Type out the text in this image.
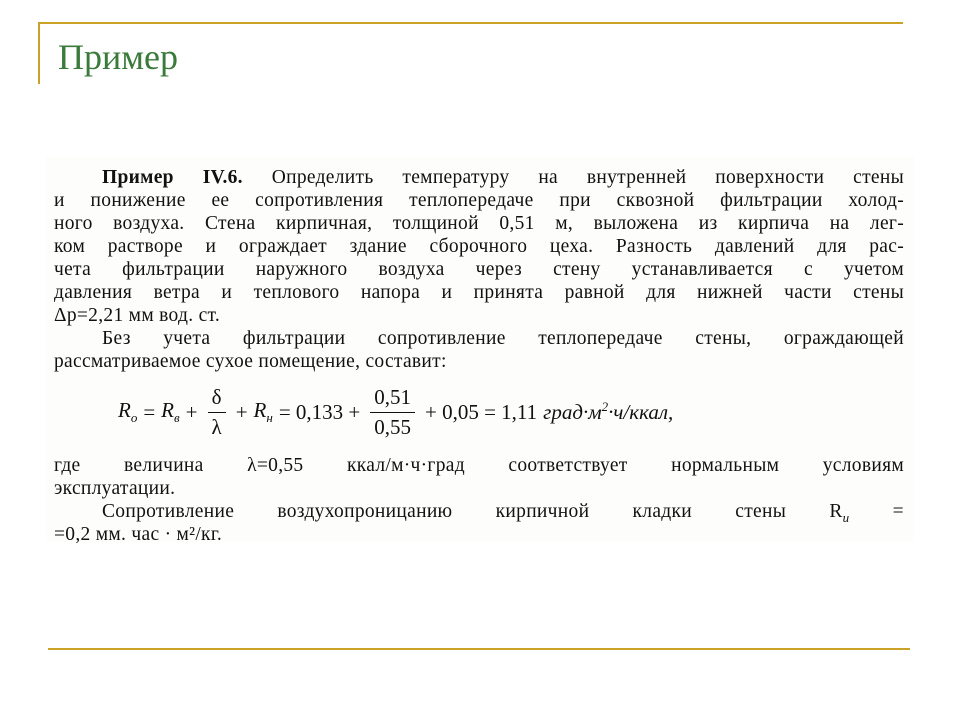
Пример
Пример IV.6. Определить температуру на внутренней поверхности стены
и понижение ее сопротивления теплопередаче при сквозной фильтрации холод-
ного воздуха. Стена кирпичная, толщиной 0,51 м, выложена из кирпича на лег-
ком растворе и ограждает здание сборочного цеха. Разность давлений для рас-
чета фильтрации наружного воздуха через стену устанавливается с учетом
давления ветра и теплового напора и принята равной для нижней части стены
Δp=2,21 мм вод. ст.
Без учета фильтрации сопротивление теплопередаче стены, ограждающей
рассматриваемое сухое помещение, составит:
$R_о = R_в + \frac{\delta}{\lambda} + R_н = 0,133 + \frac{0,51}{0,55} + 0,05 = 1,11$ $град\cdot м^2\cdot ч$/ккал,
где величина λ=0,55 ккал/м·ч·град соответствует нормальным условиям
эксплуатации.
Сопротивление воздухопроницанию кирпичной кладки стены $R_и$ =
=0,2 мм. час · м²/кг.
